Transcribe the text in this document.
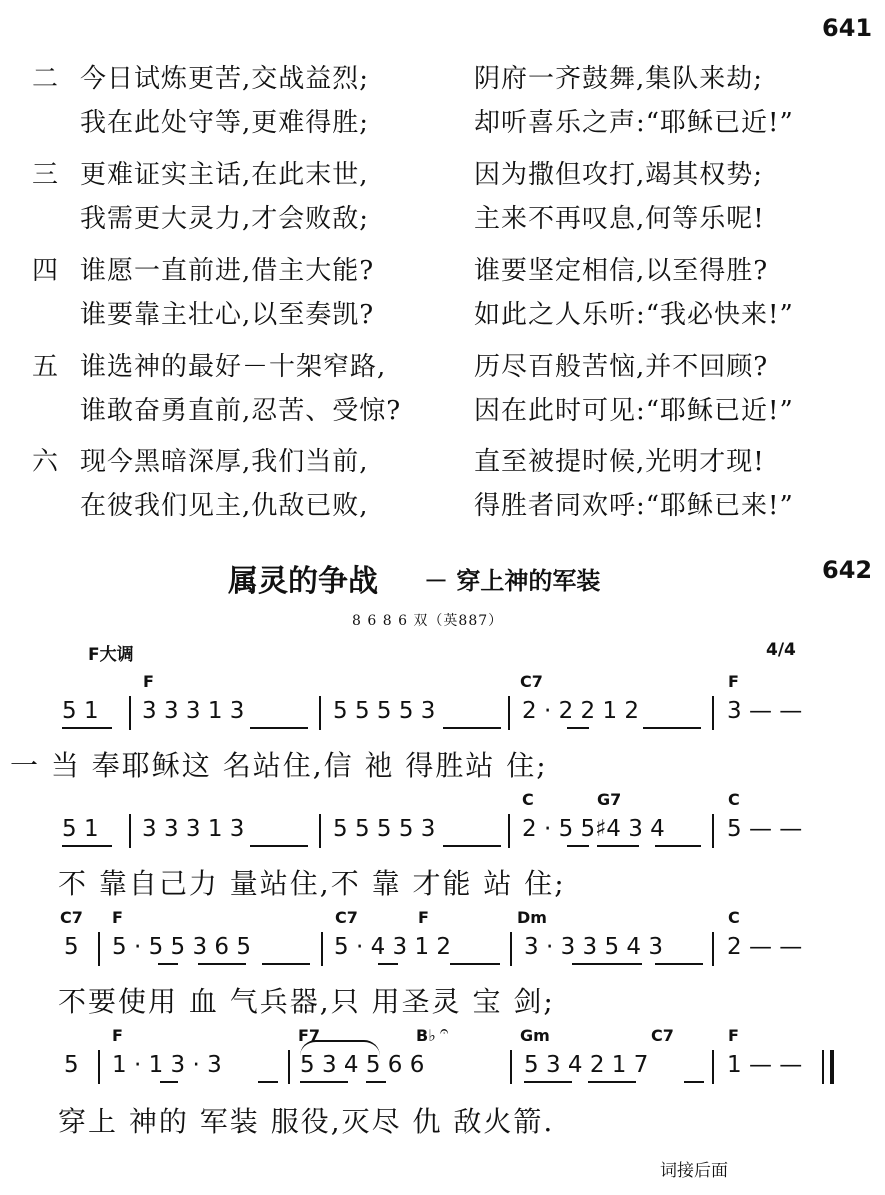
641
二 今日试炼更苦,交战益烈;	阴府一齐鼓舞,集队来劫;
我在此处守等,更难得胜;	却听喜乐之声:“耶稣已近!”
三 更难证实主话,在此末世,	因为撒但攻打,竭其权势;
我需更大灵力,才会败敌;	主来不再叹息,何等乐呢!
四 谁愿一直前进,借主大能?	谁要坚定相信,以至得胜?
谁要靠主壮心,以至奏凯?	如此之人乐听:“我必快来!”
五 谁选神的最好－十架窄路,	历尽百般苦恼,并不回顾?
谁敢奋勇直前,忍苦、受惊?	因在此时可见:“耶稣已近!”
六 现今黑暗深厚,我们当前,	直至被提时候,光明才现!
在彼我们见主,仇敌已败,	得胜者同欢呼:“耶稣已来!”
属灵的争战 － 穿上神的军装	642
8 6 8 6 双（英887）
F大调	4/4
F	C7	F
5 1 3 3 3 1 3	5 5 5 5 3	2 · 2 2 1 2	3 — —
一 当 奉耶稣这 名站住,信 祂 得胜站 住;
C	G7	C
5 1 3 3 3 1 3	5 5 5 5 3	2 · 5 5♯4 3 4	5 — —
不 靠自己力 量站住,不 靠 才能 站 住;
C7 F	C7	F	Dm	C
5 5 · 5 5 3 6 5	5 · 4 3 1 2	3 · 3 3 5 4 3	2 — —
不要使用 血 气兵器,只 用圣灵 宝 剑;
F	F7	B♭ 𝄐	Gm	C7	F
5 1 · 1 3 · 3	5 3 4 5 6 6	5 3 4 2 1 7	1 — —
穿上 神的 军装 服役,灭尽 仇 敌火箭.
词接后面
